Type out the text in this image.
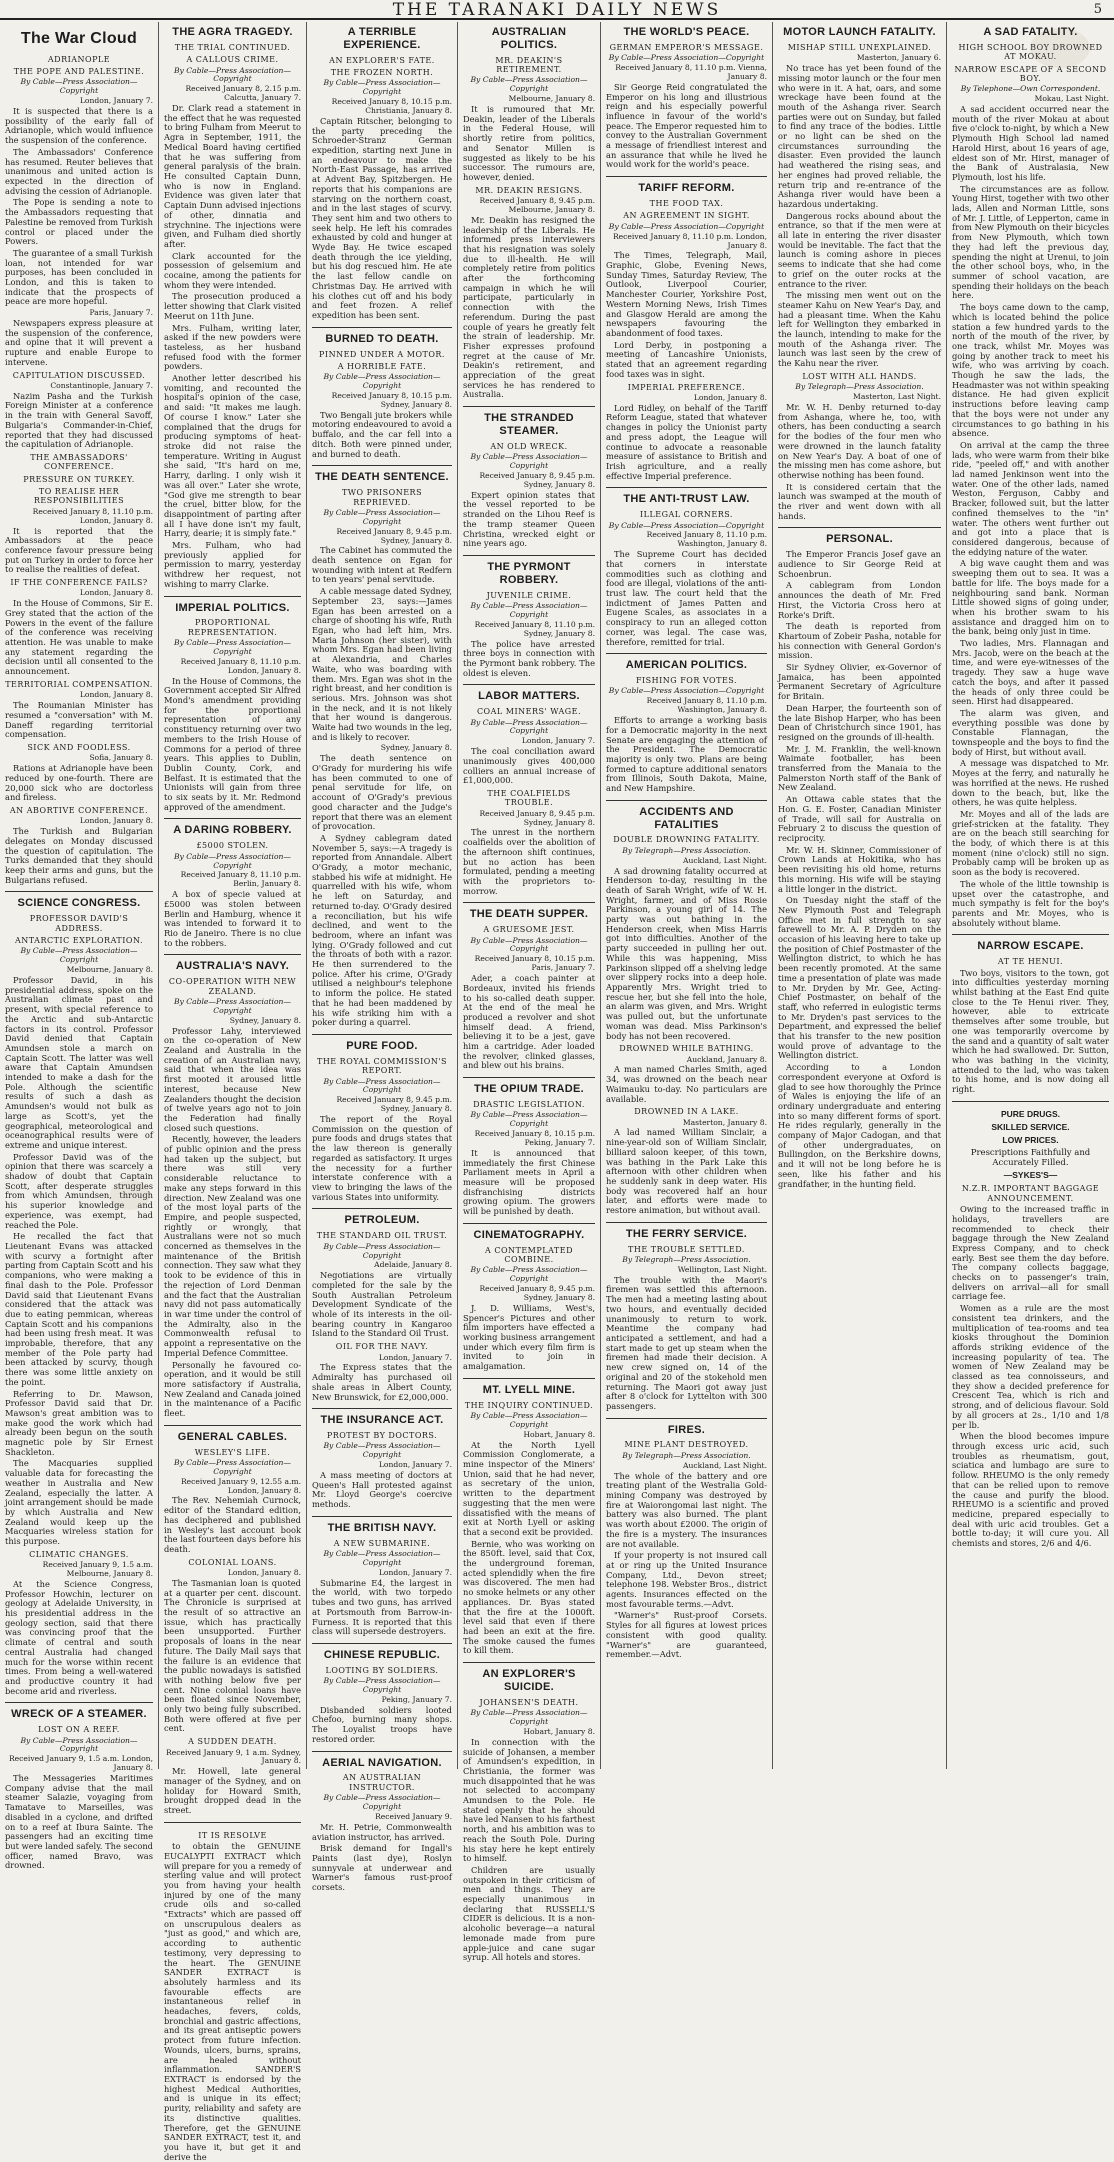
THE TARANAKI DAILY NEWS	5
The War Cloud
ADRIANOPLE
THE POPE AND PALESTINE.
By Cable—Press Association—Copyright
London, January 7.
It is suspected that there is a possibility of the early fall of Adrianople, which would influence the suspension of the conference.
The Ambassadors' Conference has resumed. Reuter believes that unanimous and united action is expected in the direction of advising the cession of Adrianople.
The Pope is sending a note to the Ambassadors requesting that Palestine be removed from Turkish control or placed under the Powers.
The guarantee of a small Turkish loan, not intended for war purposes, has been concluded in London, and this is taken to indicate that the prospects of peace are more hopeful.
Paris, January 7.
Newspapers express pleasure at the suspension of the conference, and opine that it will prevent a rupture and enable Europe to intervene.
CAPITULATION DISCUSSED.
Constantinople, January 7.
Nazim Pasha and the Turkish Foreign Minister at a conference in the train with General Savoff, Bulgaria's Commander-in-Chief, reported that they had discussed the capitulation of Adrianople.
THE AMBASSADORS' CONFERENCE.
PRESSURE ON TURKEY.
TO REALISE HER RESPONSIBILITIES
Received January 8, 11.10 p.m. London, January 8.
It is reported that the Ambassadors at the peace conference favour pressure being put on Turkey in order to force her to realise the realities of defeat.
IF THE CONFERENCE FAILS?
London, January 8.
In the House of Commons, Sir E. Grey stated that the action of the Powers in the event of the failure of the conference was receiving attention. He was unable to make any statement regarding the decision until all consented to the announcement.
TERRITORIAL COMPENSATION.
London, January 8.
The Roumanian Minister has resumed a "conversation" with M. Daneff regarding territorial compensation.
SICK AND FOODLESS.
Sofia, January 8.
Rations at Adrianople have been reduced by one-fourth. There are 20,000 sick who are doctorless and fireless.
AN ABORTIVE CONFERENCE.
London, January 8.
The Turkish and Bulgarian delegates on Monday discussed the question of capitulation. The Turks demanded that they should keep their arms and guns, but the Bulgarians refused.
SCIENCE CONGRESS.
PROFESSOR DAVID'S ADDRESS.
ANTARCTIC EXPLORATION.
By Cable—Press Association—Copyright
Melbourne, January 8.
Professor David, in his presidential address, spoke on the Australian climate past and present, with special reference to the Arctic and sub-Antarctic factors in its control. Professor David denied that Captain Amundsen stole a march on Captain Scott. The latter was well aware that Captain Amundsen intended to make a dash for the Pole. Although the scientific results of such a dash as Amundsen's would not bulk as large as Scott's, yet the geographical, meteorological and oceanographical results were of extreme and unique interest.
Professor David was of the opinion that there was scarcely a shadow of doubt that Captain Scott, after desperate struggles from which Amundsen, through his superior knowledge and experience, was exempt, had reached the Pole.
He recalled the fact that Lieutenant Evans was attacked with scurvy a fortnight after parting from Captain Scott and his companions, who were making a final dash to the Pole. Professor David said that Lieutenant Evans considered that the attack was due to eating pemmican, whereas Captain Scott and his companions had been using fresh meat. It was improbable, therefore, that any member of the Pole party had been attacked by scurvy, though there was some little anxiety on the point.
Referring to Dr. Mawson, Professor David said that Dr. Mawson's great ambition was to make good the work which had already been begun on the south magnetic pole by Sir Ernest Shackleton.
The Macquaries supplied valuable data for forecasting the weather in Australia and New Zealand, especially the latter. A joint arrangement should be made by which Australia and New Zealand would keep up the Macquaries wireless station for this purpose.
CLIMATIC CHANGES.
Received January 9, 1.5 a.m. Melbourne, January 8.
At the Science Congress, Professor Howchin, lecturer on geology at Adelaide University, in his presidential address in the geology section, said that there was convincing proof that the climate of central and south central Australia had changed much for the worse within recent times. From being a well-watered and productive country it had become arid and riverless.
WRECK OF A STEAMER.
LOST ON A REEF.
By Cable—Press Association—Copyright
Received January 9, 1.5 a.m. London, January 8.
The Messageries Maritimes Company advise that the mail steamer Salazie, voyaging from Tamatave to Marseilles, was disabled in a cyclone, and drifted on to a reef at Ibura Sainte. The passengers had an exciting time but were landed safely. The second officer, named Bravo, was drowned.
THE AGRA TRAGEDY.
THE TRIAL CONTINUED.
A CALLOUS CRIME.
By Cable—Press Association—Copyright
Received January 8, 2.15 p.m. Calcutta, January 7.
Dr. Clark read a statement in the effect that he was requested to bring Fulham from Meerut to Agra in September, 1911, the Medical Board having certified that he was suffering from general paralysis of the brain. He consulted Captain Dunn, who is now in England. Evidence was given later that Captain Dunn advised injections of other, dinnatia and strychnine. The injections were given, and Fulham died shortly after.
Clark accounted for the possession of gelsemium and cocaine, among the patients for whom they were intended.
The prosecution produced a letter showing that Clark visited Meerut on 11th June.
Mrs. Fulham, writing later, asked if the new powders were tasteless, as her husband refused food with the former powders.
Another letter described his vomiting, and recounted the hospital's opinion of the case, and said: "It makes me laugh. Of course I know." Later she complained that the drugs for producing symptoms of heat-stroke did not raise the temperature. Writing in August she said, "It's hard on me, Harry, darling. I only wish it was all over." Later she wrote, "God give me strength to bear the cruel, bitter blow, for the disappointment of parting after all I have done isn't my fault, Harry, dearie; it is simply fate."
Mrs. Fulham, who had previously applied for permission to marry, yesterday withdrew her request, not wishing to marry Clarke.
IMPERIAL POLITICS.
PROPORTIONAL REPRESENTATION.
By Cable—Press Association—Copyright
Received January 8, 11.10 p.m. London, January 8.
In the House of Commons, the Government accepted Sir Alfred Mond's amendment providing for the proportional representation of any constituency returning over two members to the Irish House of Commons for a period of three years. This applies to Dublin, Dublin County, Cork, and Belfast. It is estimated that the Unionists will gain from three to six seats by it. Mr. Redmond approved of the amendment.
A DARING ROBBERY.
£5000 STOLEN.
By Cable—Press Association—Copyright
Received January 8, 11.10 p.m. Berlin, January 8.
A box of specie valued at £5000 was stolen between Berlin and Hamburg, whence it was intended to forward it to Rio de Janeiro. There is no clue to the robbers.
AUSTRALIA'S NAVY.
CO-OPERATION WITH NEW ZEALAND.
By Cable—Press Association—Copyright
Sydney, January 8.
Professor Lahy, interviewed on the co-operation of New Zealand and Australia in the creation of an Australian navy, said that when the idea was first mooted it aroused little interest, because New Zealanders thought the decision of twelve years ago not to join the Federation had finally closed such questions.
Recently, however, the leaders of public opinion and the press had taken up the subject, but there was still very considerable reluctance to make any steps forward in this direction. New Zealand was one of the most loyal parts of the Empire, and people suspected, rightly or wrongly, that Australians were not so much concerned as themselves in the maintenance of the British connection. They saw what they took to be evidence of this in the rejection of Lord Denman and the fact that the Australian navy did not pass automatically in war time under the control of the Admiralty, also in the Commonwealth refusal to appoint a representative on the Imperial Defence Committee.
Personally he favoured co-operation, and it would be still more satisfactory if Australia, New Zealand and Canada joined in the maintenance of a Pacific fleet.
GENERAL CABLES.
WESLEY'S LIFE.
By Cable—Press Association—Copyright
Received January 9, 12.55 a.m. London, January 8.
The Rev. Nehemiah Curnock, editor of the Standard edition, has deciphered and published in Wesley's last account book the last fourteen days before his death.
COLONIAL LOANS.
London, January 8.
The Tasmanian loan is quoted at a quarter per cent. discount. The Chronicle is surprised at the result of so attractive an issue, which has practically been unsupported. Further proposals of loans in the near future. The Daily Mail says that the failure is an evidence that the public nowadays is satisfied with nothing below five per cent. Nine colonial loans have been floated since November, only two being fully subscribed. Both were offered at five per cent.
A SUDDEN DEATH.
Received January 9, 1 a.m. Sydney, January 8.
Mr. Howell, late general manager of the Sydney, and on holiday for Howard Smith, brought dropped dead in the street.
IT IS RESOLVE
to obtain the GENUINE EUCALYPTI EXTRACT which will prepare for you a remedy of sterling value and will protect you from having your health injured by one of the many crude oils and so-called "Extracts" which are passed off on unscrupulous dealers as "just as good," and which are, according to authentic testimony, very depressing to the heart. The GENUINE SANDER EXTRACT is absolutely harmless and its favourable effects are instantaneous relief in headaches, fevers, colds, bronchial and gastric affections, and its great antiseptic powers protect from future infection. Wounds, ulcers, burns, sprains, are healed without inflammation. SANDER'S EXTRACT is endorsed by the highest Medical Authorities, and is unique in its effect; purity, reliability and safety are its distinctive qualities. Therefore, get the GENUINE SANDER EXTRACT, test it, and you have it, but get it and derive the
A TERRIBLE EXPERIENCE.
AN EXPLORER'S FATE.
THE FROZEN NORTH.
By Cable—Press Association—Copyright
Received January 8, 10.15 p.m. Christiania, January 8.
Captain Ritscher, belonging to the party preceding the Schroeder-Stranz German expedition, starting next June in an endeavour to make the North-East Passage, has arrived at Advent Bay, Spitzbergen. He reports that his companions are starving on the northern coast, and in the last stages of scurvy. They sent him and two others to seek help. He left his comrades exhausted by cold and hunger at Wyde Bay. He twice escaped death through the ice yielding, but his dog rescued him. He ate the last fellow candle on Christmas Day. He arrived with his clothes cut off and his body and feet frozen. A relief expedition has been sent.
BURNED TO DEATH.
PINNED UNDER A MOTOR.
A HORRIBLE FATE.
By Cable—Press Association—Copyright
Received January 8, 10.15 p.m. Sydney, January 8.
Two Bengali jute brokers while motoring endeavoured to avoid a buffalo, and the car fell into a ditch. Both were pinned under, and burned to death.
THE DEATH SENTENCE.
TWO PRISONERS REPRIEVED.
By Cable—Press Association—Copyright
Received January 8, 9.45 p.m. Sydney, January 8.
The Cabinet has commuted the death sentence on Egan for wounding with intent at Redfern to ten years' penal servitude.
A cable message dated Sydney, September 23, says:—James Egan has been arrested on a charge of shooting his wife, Ruth Egan, who had left him, Mrs. Maria Johnson (her sister), with whom Mrs. Egan had been living at Alexandria, and Charles Waite, who was boarding with them. Mrs. Egan was shot in the right breast, and her condition is serious. Mrs. Johnson was shot in the neck, and it is not likely that her wound is dangerous. Waite had two wounds in the leg, and is likely to recover.
Sydney, January 8.
The death sentence on O'Grady for murdering his wife has been commuted to one of penal servitude for life, on account of O'Grady's previous good character and the Judge's report that there was an element of provocation.
A Sydney cablegram dated November 5, says:—A tragedy is reported from Annandale. Albert O'Grady, a motor mechanic, stabbed his wife at midnight. He quarrelled with his wife, whom he left on Saturday, and returned to-day. O'Grady desired a reconciliation, but his wife declined, and went to the bedroom, where an infant was lying. O'Grady followed and cut the throats of both with a razor. He then surrendered to the police. After his crime, O'Grady utilised a neighbour's telephone to inform the police. He stated that he had been maddened by his wife striking him with a poker during a quarrel.
PURE FOOD.
THE ROYAL COMMISSION'S REPORT.
By Cable—Press Association—Copyright
Received January 8, 9.45 p.m. Sydney, January 8.
The report of the Royal Commission on the question of pure foods and drugs states that the law thereon is generally regarded as satisfactory. It urges the necessity for a further interstate conference with a view to bringing the laws of the various States into uniformity.
PETROLEUM.
THE STANDARD OIL TRUST.
By Cable—Press Association—Copyright
Adelaide, January 8.
Negotiations are virtually completed for the sale by the South Australian Petroleum Development Syndicate of the whole of its interests in the oil-bearing country in Kangaroo Island to the Standard Oil Trust.
OIL FOR THE NAVY.
London, January 7.
The Express states that the Admiralty has purchased oil shale areas in Albert County, New Brunswick, for £2,000,000.
THE INSURANCE ACT.
PROTEST BY DOCTORS.
By Cable—Press Association—Copyright
London, January 7.
A mass meeting of doctors at Queen's Hall protested against Mr. Lloyd George's coercive methods.
THE BRITISH NAVY.
A NEW SUBMARINE.
By Cable—Press Association—Copyright
London, January 7.
Submarine E4, the largest in the world, with two torpedo tubes and two guns, has arrived at Portsmouth from Barrow-in-Furness. It is reported that this class will supersede destroyers.
CHINESE REPUBLIC.
LOOTING BY SOLDIERS.
By Cable—Press Association—Copyright
Peking, January 7.
Disbanded soldiers looted Chefoo, burning many shops. The Loyalist troops have restored order.
AERIAL NAVIGATION.
AN AUSTRALIAN INSTRUCTOR.
By Cable—Press Association—Copyright
Received January 9.
Mr. H. Petrie, Commonwealth aviation instructor, has arrived.
Brisk demand for Ingall's Paints (last dye), Roslyn sunnyvale at underwear and Warner's famous rust-proof corsets.
AUSTRALIAN POLITICS.
MR. DEAKIN'S RETIREMENT.
By Cable—Press Association—Copyright
Melbourne, January 8.
It is rumoured that Mr. Deakin, leader of the Liberals in the Federal House, will shortly retire from politics, and Senator Millen is suggested as likely to be his successor. The rumours are, however, denied.
MR. DEAKIN RESIGNS.
Received January 8, 9.45 p.m. Melbourne, January 8.
Mr. Deakin has resigned the leadership of the Liberals. He informed press interviewers that his resignation was solely due to ill-health. He will completely retire from politics after the forthcoming campaign in which he will participate, particularly in connection with the referendum. During the past couple of years he greatly felt the strain of leadership. Mr. Fisher expresses profound regret at the cause of Mr. Deakin's retirement, and appreciation of the great services he has rendered to Australia.
THE STRANDED STEAMER.
AN OLD WRECK.
By Cable—Press Association—Copyright
Received January 8, 9.45 p.m. Sydney, January 8.
Expert opinion states that the vessel reported to be stranded on the Lihou Reef is the tramp steamer Queen Christina, wrecked eight or nine years ago.
THE PYRMONT ROBBERY.
JUVENILE CRIME.
By Cable—Press Association—Copyright
Received January 8, 11.10 p.m. Sydney, January 8.
The police have arrested three boys in connection with the Pyrmont bank robbery. The oldest is eleven.
LABOR MATTERS.
COAL MINERS' WAGE.
By Cable—Press Association—Copyright
London, January 7.
The coal conciliation award unanimously gives 400,000 colliers an annual increase of £1,000,000.
THE COALFIELDS TROUBLE.
Received January 8, 9.45 p.m. Sydney, January 8.
The unrest in the northern coalfields over the abolition of the afternoon shift continues, but no action has been formulated, pending a meeting with the proprietors to-morrow.
THE DEATH SUPPER.
A GRUESOME JEST.
By Cable—Press Association—Copyright
Received January 8, 10.15 p.m. Paris, January 7.
Ader, a coach painter at Bordeaux, invited his friends to his so-called death supper. At the end of the meal he produced a revolver and shot himself dead. A friend, believing it to be a jest, gave him a cartridge. Ader loaded the revolver, clinked glasses, and blew out his brains.
THE OPIUM TRADE.
DRASTIC LEGISLATION.
By Cable—Press Association—Copyright
Received January 8, 10.15 p.m. Peking, January 7.
It is announced that immediately the first Chinese Parliament meets in April a measure will be proposed disfranchising districts growing opium. The growers will be punished by death.
CINEMATOGRAPHY.
A CONTEMPLATED COMBINE.
By Cable—Press Association—Copyright
Received January 8, 9.45 p.m. Sydney, January 8.
J. D. Williams, West's, Spencer's Pictures and other film importers have effected a working business arrangement under which every film firm is invited to join in amalgamation.
MT. LYELL MINE.
THE INQUIRY CONTINUED.
By Cable—Press Association—Copyright
Hobart, January 8.
At the North Lyell Commission Conglomerate, a mine inspector of the Miners' Union, said that he had never, as secretary of the union, written to the department suggesting that the men were dissatisfied with the means of exit at North Lyell or asking that a second exit be provided.
Bernie, who was working on the 850ft. level, said that Cox, the underground foreman, acted splendidly when the fire was discovered. The men had no smoke helmets or any other appliances. Dr. Byas stated that the fire at the 1000ft. level said that even if there had been an exit at the fire. The smoke caused the fumes to kill them.
AN EXPLORER'S SUICIDE.
JOHANSEN'S DEATH.
By Cable—Press Association—Copyright
Hobart, January 8.
In connection with the suicide of Johansen, a member of Amundsen's expedition, in Christiania, the former was much disappointed that he was not selected to accompany Amundsen to the Pole. He stated openly that he should have led Nansen to his farthest north, and his ambition was to reach the South Pole. During his stay here he kept entirely to himself.
Children are usually outspoken in their criticism of men and things. They are especially unanimous in declaring that RUSSELL'S CIDER is delicious. It is a non-alcoholic beverage—a natural lemonade made from pure apple-juice and cane sugar syrup. All hotels and stores.
THE WORLD'S PEACE.
GERMAN EMPEROR'S MESSAGE.
By Cable—Press Association—Copyright
Received January 8, 11.10 p.m. Vienna, January 8.
Sir George Reid congratulated the Emperor on his long and illustrious reign and his especially powerful influence in favour of the world's peace. The Emperor requested him to convey to the Australian Government a message of friendliest interest and an assurance that while he lived he would work for the world's peace.
TARIFF REFORM.
THE FOOD TAX.
AN AGREEMENT IN SIGHT.
By Cable—Press Association—Copyright
Received January 8, 11.10 p.m. London, January 8.
The Times, Telegraph, Mail, Graphic, Globe, Evening News, Sunday Times, Saturday Review, The Outlook, Liverpool Courier, Manchester Courier, Yorkshire Post, Western Morning News, Irish Times and Glasgow Herald are among the newspapers favouring the abandonment of food taxes.
Lord Derby, in postponing a meeting of Lancashire Unionists, stated that an agreement regarding food taxes was in sight.
IMPERIAL PREFERENCE.
London, January 8.
Lord Ridley, on behalf of the Tariff Reform League, stated that whatever changes in policy the Unionist party and press adopt, the League will continue to advocate a reasonable measure of assistance to British and Irish agriculture, and a really effective Imperial preference.
THE ANTI-TRUST LAW.
ILLEGAL CORNERS.
By Cable—Press Association—Copyright
Received January 8, 11.10 p.m. Washington, January 8.
The Supreme Court has decided that corners in interstate commodities such as clothing and food are illegal, violations of the anti-trust law. The court held that the indictment of James Patten and Eugene Scales, as associates in a conspiracy to run an alleged cotton corner, was legal. The case was, therefore, remitted for trial.
AMERICAN POLITICS.
FISHING FOR VOTES.
By Cable—Press Association—Copyright
Received January 8, 11.10 p.m. Washington, January 8.
Efforts to arrange a working basis for a Democratic majority in the next Senate are engaging the attention of the President. The Democratic majority is only two. Plans are being formed to capture additional senators from Illinois, South Dakota, Maine, and New Hampshire.
ACCIDENTS AND FATALITIES
DOUBLE DROWNING FATALITY.
By Telegraph—Press Association.
Auckland, Last Night.
A sad drowning fatality occurred at Henderson to-day, resulting in the death of Sarah Wright, wife of W. H. Wright, farmer, and of Miss Rosie Parkinson, a young girl of 14. The party was out bathing in the Henderson creek, when Miss Harris got into difficulties. Another of the party succeeded in pulling her out. While this was happening, Miss Parkinson slipped off a shelving ledge over slippery rocks into a deep hole. Apparently Mrs. Wright tried to rescue her, but she fell into the hole, an alarm was given, and Mrs. Wright was pulled out, but the unfortunate woman was dead. Miss Parkinson's body has not been recovered.
DROWNED WHILE BATHING.
Auckland, January 8.
A man named Charles Smith, aged 34, was drowned on the beach near Waimauku to-day. No particulars are available.
DROWNED IN A LAKE.
Masterton, January 8.
A lad named William Sinclair, a nine-year-old son of William Sinclair, billiard saloon keeper, of this town, was bathing in the Park Lake this afternoon with other children when he suddenly sank in deep water. His body was recovered half an hour later, and efforts were made to restore animation, but without avail.
THE FERRY SERVICE.
THE TROUBLE SETTLED.
By Telegraph—Press Association.
Wellington, Last Night.
The trouble with the Maori's firemen was settled this afternoon. The men had a meeting lasting about two hours, and eventually decided unanimously to return to work. Meantime the company had anticipated a settlement, and had a start made to get up steam when the firemen had made their decision. A new crew signed on, 14 of the original and 20 of the stokehold men returning. The Maori got away just after 8 o'clock for Lyttelton with 300 passengers.
FIRES.
MINE PLANT DESTROYED.
By Telegraph—Press Association.
Auckland, Last Night.
The whole of the battery and ore treating plant of the Westralia Gold-mining Company was destroyed by fire at Waiorongomai last night. The battery was also burned. The plant was worth about £2000. The origin of the fire is a mystery. The insurances are not available.
If your property is not insured call at or ring up the United Insurance Company, Ltd., Devon street; telephone 198. Webster Bros., district agents. Insurances effected on the most favourable terms.—Advt.
"Warner's" Rust-proof Corsets. Styles for all figures at lowest prices consistent with good quality. "Warner's" are guaranteed, remember.—Advt.
MOTOR LAUNCH FATALITY.
MISHAP STILL UNEXPLAINED.
Masterton, January 6.
No trace has yet been found of the missing motor launch or the four men who were in it. A hat, oars, and some wreckage have been found at the mouth of the Ashanga river. Search parties were out on Sunday, but failed to find any trace of the bodies. Little or no light can be shed on the circumstances surrounding the disaster. Even provided the launch had weathered the rising seas, and her engines had proved reliable, the return trip and re-entrance of the Ashanga river would have been a hazardous undertaking.
Dangerous rocks abound about the entrance, so that if the men were at all late in entering the river disaster would be inevitable. The fact that the launch is coming ashore in pieces seems to indicate that she had come to grief on the outer rocks at the entrance to the river.
The missing men went out on the steamer Kahu on New Year's Day, and had a pleasant time. When the Kahu left for Wellington they embarked in the launch, intending to make for the mouth of the Ashanga river. The launch was last seen by the crew of the Kahu near the river.
LOST WITH ALL HANDS.
By Telegraph—Press Association.
Masterton, Last Night.
Mr. W. H. Denby returned to-day from Ashanga, where he, too, with others, has been conducting a search for the bodies of the four men who were drowned in the launch fatality on New Year's Day. A boat of one of the missing men has come ashore, but otherwise nothing has been found.
It is considered certain that the launch was swamped at the mouth of the river and went down with all hands.
PERSONAL.
The Emperor Francis Josef gave an audience to Sir George Reid at Schoenbrun.
A cablegram from London announces the death of Mr. Fred Hirst, the Victoria Cross hero at Rorke's Drift.
The death is reported from Khartoum of Zobeir Pasha, notable for his connection with General Gordon's mission.
Sir Sydney Olivier, ex-Governor of Jamaica, has been appointed Permanent Secretary of Agriculture for Britain.
Dean Harper, the fourteenth son of the late Bishop Harper, who has been Dean of Christchurch since 1901, has resigned on the grounds of ill-health.
Mr. J. M. Franklin, the well-known Waimate footballer, has been transferred from the Manaia to the Palmerston North staff of the Bank of New Zealand.
An Ottawa cable states that the Hon. G. E. Foster, Canadian Minister of Trade, will sail for Australia on February 2 to discuss the question of reciprocity.
Mr. W. H. Skinner, Commissioner of Crown Lands at Hokitika, who has been revisiting his old home, returns this morning. His wife will be staying a little longer in the district.
On Tuesday night the staff of the New Plymouth Post and Telegraph Office met in full strength to say farewell to Mr. A. P. Dryden on the occasion of his leaving here to take up the position of Chief Postmaster of the Wellington district, to which he has been recently promoted. At the same time a presentation of plate was made to Mr. Dryden by Mr. Gee, Acting-Chief Postmaster, on behalf of the staff, who referred in eulogistic terms to Mr. Dryden's past services to the Department, and expressed the belief that his transfer to the new position would prove of advantage to the Wellington district.
According to a London correspondent everyone at Oxford is glad to see how thoroughly the Prince of Wales is enjoying the life of an ordinary undergraduate and entering into so many different forms of sport. He rides regularly, generally in the company of Major Cadogan, and that of other undergraduates, on Bullingdon, on the Berkshire downs, and it will not be long before he is seen, like his father and his grandfather, in the hunting field.
A SAD FATALITY.
HIGH SCHOOL BOY DROWNED AT MOKAU.
NARROW ESCAPE OF A SECOND BOY.
By Telephone—Own Correspondent.
Mokau, Last Night.
A sad accident occurred near the mouth of the river Mokau at about five o'clock to-night, by which a New Plymouth High School lad named Harold Hirst, about 16 years of age, eldest son of Mr. Hirst, manager of the Bank of Australasia, New Plymouth, lost his life.
The circumstances are as follow. Young Hirst, together with two other lads, Allen and Norman Little, sons of Mr. J. Little, of Lepperton, came in from New Plymouth on their bicycles from New Plymouth, which town they had left the previous day, spending the night at Urenui, to join the other school boys, who, in the summer of school vacation, are spending their holidays on the beach here.
The boys came down to the camp, which is located behind the police station a few hundred yards to the north of the mouth of the river, by one track, whilst Mr. Moyes was going by another track to meet his wife, who was arriving by coach. Though he saw the lads, the Headmaster was not within speaking distance. He had given explicit instructions before leaving camp that the boys were not under any circumstances to go bathing in his absence.
On arrival at the camp the three lads, who were warm from their bike ride, "peeled off," and with another lad named Jenkinson went into the water. One of the other lads, named Weston, Ferguson, Cabby and Bracker, followed suit, but the latter confined themselves to the "in" water. The others went further out and got into a place that is considered dangerous, because of the eddying nature of the water.
A big wave caught them and was sweeping them out to sea. It was a battle for life. The boys made for a neighbouring sand bank. Norman Little showed signs of going under, when his brother swam to his assistance and dragged him on to the bank, being only just in time.
Two ladies, Mrs. Flannagan and Mrs. Jacob, were on the beach at the time, and were eye-witnesses of the tragedy. They saw a huge wave catch the boys, and after it passed the heads of only three could be seen. Hirst had disappeared.
The alarm was given, and everything possible was done by Constable Flannagan, the townspeople and the boys to find the body of Hirst, but without avail.
A message was dispatched to Mr. Moyes at the ferry, and naturally he was horrified at the news. He rushed down to the beach, but, like the others, he was quite helpless.
Mr. Moyes and all of the lads are grief-stricken at the fatality. They are on the beach still searching for the body, of which there is at this moment (nine o'clock) still no sign. Probably camp will be broken up as soon as the body is recovered.
The whole of the little township is upset over the catastrophe, and much sympathy is felt for the boy's parents and Mr. Moyes, who is absolutely without blame.
NARROW ESCAPE.
AT TE HENUI.
Two boys, visitors to the town, got into difficulties yesterday morning whilst bathing at the East End quite close to the Te Henui river. They, however, able to extricate themselves after some trouble, but one was temporarily overcome by the sand and a quantity of salt water which he had swallowed. Dr. Sutton, who was bathing in the vicinity, attended to the lad, who was taken to his home, and is now doing all right.
PURE DRUGS.
SKILLED SERVICE.
LOW PRICES.
Prescriptions Faithfully and Accurately Filled.
—SYKES'S—
N.Z.R. IMPORTANT BAGGAGE ANNOUNCEMENT.
Owing to the increased traffic in holidays, travellers are recommended to check their baggage through the New Zealand Express Company, and to check early. Best see them the day before. The company collects baggage, checks on to passenger's train, delivers on arrival—all for small carriage fee.
Women as a rule are the most consistent tea drinkers, and the multiplication of tea-rooms and tea kiosks throughout the Dominion affords striking evidence of the increasing popularity of tea. The women of New Zealand may be classed as tea connoisseurs, and they show a decided preference for Crescent Tea, which is rich and strong, and of delicious flavour. Sold by all grocers at 2s., 1/10 and 1/8 per lb.
When the blood becomes impure through excess uric acid, such troubles as rheumatism, gout, sciatica and lumbago are sure to follow. RHEUMO is the only remedy that can be relied upon to remove the cause and purify the blood. RHEUMO is a scientific and proved medicine, prepared especially to deal with uric acid troubles. Get a bottle to-day; it will cure you. All chemists and stores, 2/6 and 4/6.
